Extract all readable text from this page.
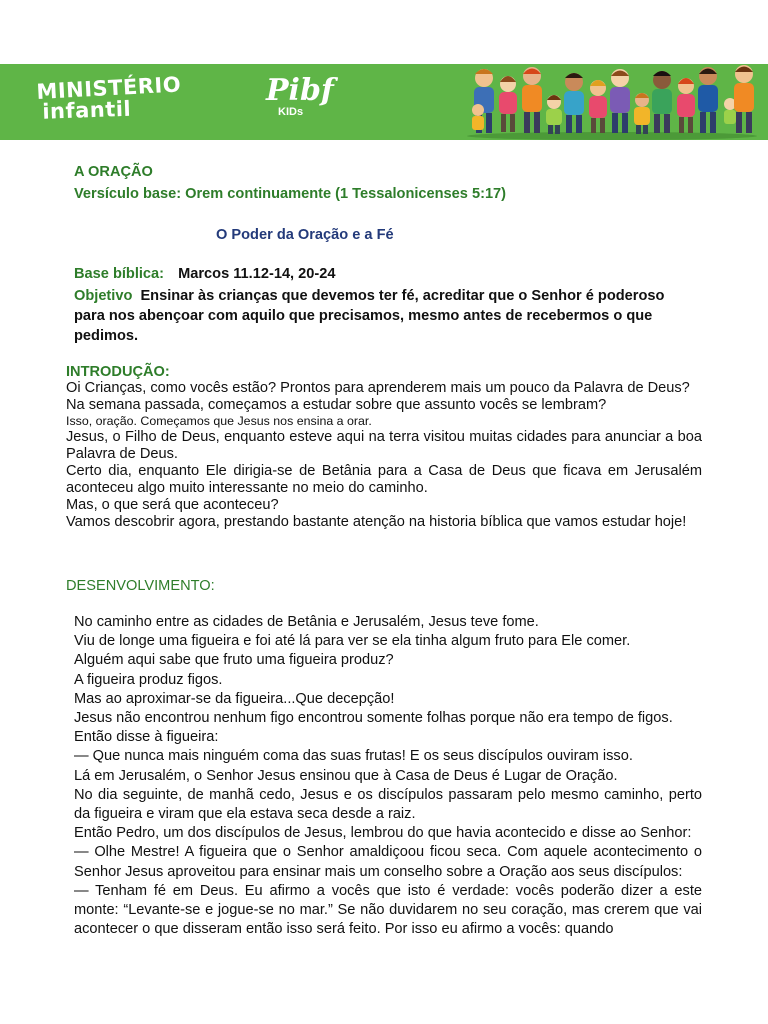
MINISTÉRIO
infantil
Pibf
KIDs
A ORAÇÃO
Versículo base: Orem continuamente (1 Tessalonicenses 5:17)
O Poder da Oração e a Fé
Base bíblica: Marcos 11.12-14, 20-24
Objetivo Ensinar às crianças que devemos ter fé, acreditar que o Senhor é poderoso
para nos abençoar com aquilo que precisamos, mesmo antes de recebermos o que
pedimos.
INTRODUÇÃO:

Oi Crianças, como vocês estão? Prontos para aprenderem mais um pouco da Palavra de Deus?

Na semana passada, começamos a estudar sobre que assunto vocês se lembram?

Isso, oração. Começamos que Jesus nos ensina a orar.

Jesus, o Filho de Deus, enquanto esteve aqui na terra visitou muitas cidades para anunciar a boa Palavra de Deus.

Certo dia, enquanto Ele dirigia-se de Betânia para a Casa de Deus que ficava em Jerusalém aconteceu algo muito interessante no meio do caminho.

Mas, o que será que aconteceu?

Vamos descobrir agora, prestando bastante atenção na historia bíblica que vamos estudar hoje!

DESENVOLVIMENTO:

No caminho entre as cidades de Betânia e Jerusalém, Jesus teve fome.

Viu de longe uma figueira e foi até lá para ver se ela tinha algum fruto para Ele comer.

Alguém aqui sabe que fruto uma figueira produz?

A figueira produz figos.

Mas ao aproximar-se da figueira...Que decepção!

Jesus não encontrou nenhum figo encontrou somente folhas porque não era tempo de figos.

Então disse à figueira:

— Que nunca mais ninguém coma das suas frutas! E os seus discípulos ouviram isso.

Lá em Jerusalém, o Senhor Jesus ensinou que à Casa de Deus é Lugar de Oração.

No dia seguinte, de manhã cedo, Jesus e os discípulos passaram pelo mesmo caminho, perto da figueira e viram que ela estava seca desde a raiz.

Então Pedro, um dos discípulos de Jesus, lembrou do que havia acontecido e disse ao Senhor:

— Olhe Mestre! A figueira que o Senhor amaldiçoou ficou seca. Com aquele acontecimento o Senhor Jesus aproveitou para ensinar mais um conselho sobre a Oração aos seus discípulos:

— Tenham fé em Deus. Eu afirmo a vocês que isto é verdade: vocês poderão dizer a este monte: “Levante-se e jogue-se no mar.” Se não duvidarem no seu coração, mas crerem que vai acontecer o que disseram então isso será feito. Por isso eu afirmo a vocês: quando
